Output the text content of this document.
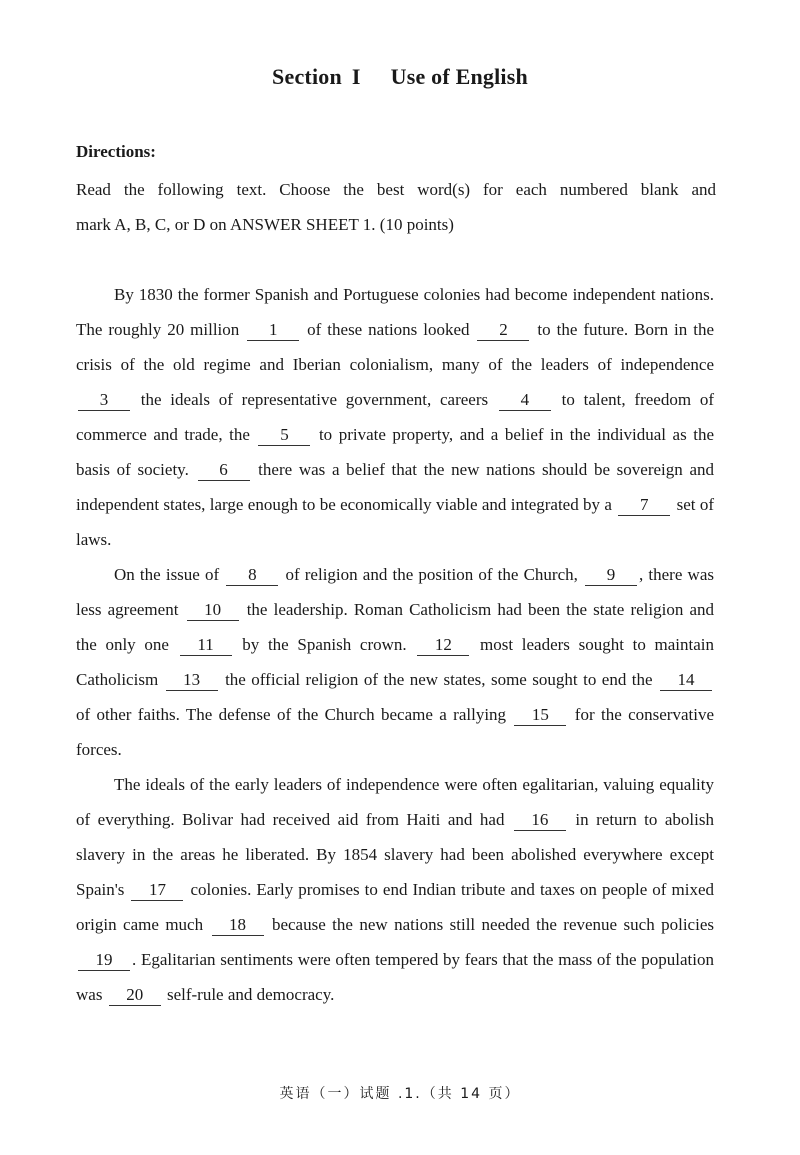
Section I Use of English
Directions:
Read the following text. Choose the best word(s) for each numbered blank and
mark A, B, C, or D on ANSWER SHEET 1. (10 points)

By 1830 the former Spanish and Portuguese colonies had become independent nations. The roughly 20 million 1 of these nations looked 2 to the future. Born in the crisis of the old regime and Iberian colonialism, many of the leaders of independence 3 the ideals of representative government, careers 4 to talent, freedom of commerce and trade, the 5 to private property, and a belief in the individual as the basis of society. 6 there was a belief that the new nations should be sovereign and independent states, large enough to be economically viable and integrated by a 7 set of laws.

On the issue of 8 of religion and the position of the Church, 9 , there was less agreement 10 the leadership. Roman Catholicism had been the state religion and the only one 11 by the Spanish crown. 12 most leaders sought to maintain Catholicism 13 the official religion of the new states, some sought to end the 14 of other faiths. The defense of the Church became a rallying 15 for the conservative forces.

The ideals of the early leaders of independence were often egalitarian, valuing equality of everything. Bolivar had received aid from Haiti and had 16 in return to abolish slavery in the areas he liberated. By 1854 slavery had been abolished everywhere except Spain's 17 colonies. Early promises to end Indian tribute and taxes on people of mixed origin came much 18 because the new nations still needed the revenue such policies 19 . Egalitarian sentiments were often tempered by fears that the mass of the population was 20 self-rule and democracy.

英语（一）试题 .1.（共 14 页）
